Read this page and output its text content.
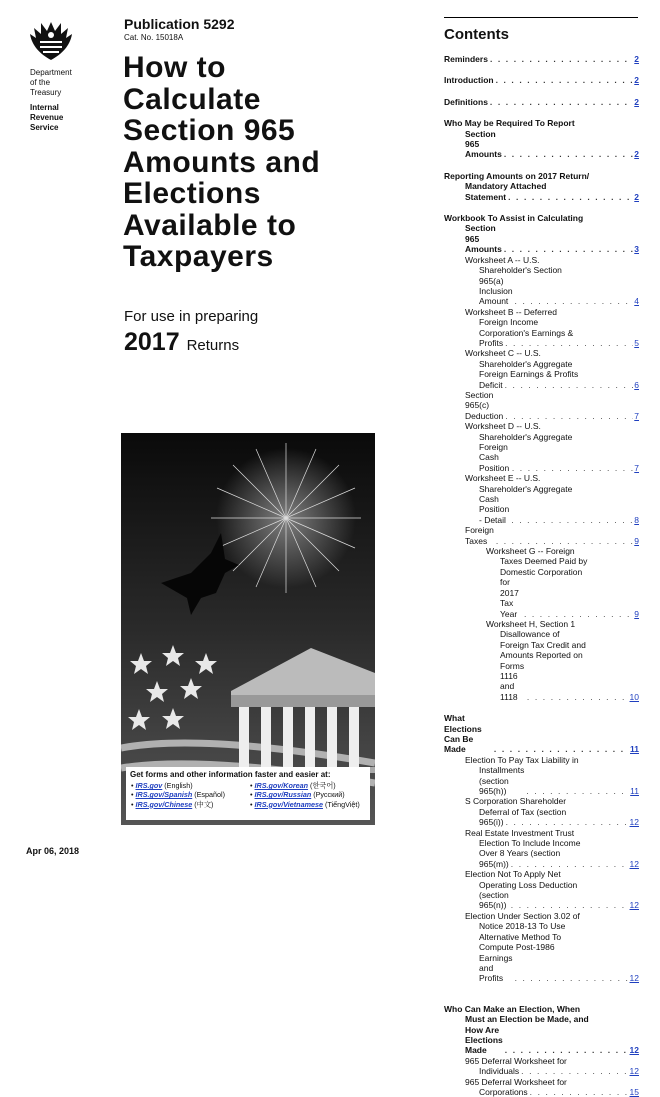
Department
of the
Treasury
Internal
Revenue
Service
Publication 5292
Cat. No. 15018A
How to
Calculate
Section 965
Amounts and
Elections
Available to
Taxpayers
For use in preparing
2017 Returns
Get forms and other information faster and easier at:
• IRS.gov (English)
• IRS.gov/Spanish (Español)
• IRS.gov/Chinese (中文)
• IRS.gov/Korean (한국어)
• IRS.gov/Russian (Pусский)
• IRS.gov/Vietnamese (TiếngViệt)
Apr 06, 2018
Contents
Reminders . . .	2
Introduction . . .	2
Definitions . . .	2
Who May be Required To Report
Section 965 Amounts . . .	2
Reporting Amounts on 2017 Return/
Mandatory Attached
Statement . . .	2
Workbook To Assist in Calculating
Section 965 Amounts . . .	3
Worksheet A -- U.S.
Shareholder's Section
965(a) Inclusion Amount . . .	4
Worksheet B -- Deferred
Foreign Income
Corporation's Earnings &
Profits . . .	5
Worksheet C -- U.S.
Shareholder's Aggregate
Foreign Earnings & Profits
Deficit . . .	6
Section 965(c) Deduction . . .	7
Worksheet D -- U.S.
Shareholder's Aggregate
Foreign Cash Position . . .	7
Worksheet E -- U.S.
Shareholder's Aggregate
Cash Position - Detail . . .	8
Foreign Taxes . . .	9
Worksheet G -- Foreign
Taxes Deemed Paid by
Domestic Corporation
for 2017 Tax Year . . .	9
Worksheet H, Section 1
Disallowance of
Foreign Tax Credit and
Amounts Reported on
Forms 1116 and 1118 . . .	10
What Elections Can Be Made . . .	11
Election To Pay Tax Liability in
Installments (section 965(h)) . . .	11
S Corporation Shareholder
Deferral of Tax (section
965(i)) . . .	12
Real Estate Investment Trust
Election To Include Income
Over 8 Years (section
965(m)) . . .	12
Election Not To Apply Net
Operating Loss Deduction
(section 965(n)) . . .	12
Election Under Section 3.02 of
Notice 2018-13 To Use
Alternative Method To
Compute Post-1986
Earnings and Profits . . .	12
Who Can Make an Election, When
Must an Election be Made, and
How Are Elections Made . . .	12
965 Deferral Worksheet for
Individuals . . .	12
965 Deferral Worksheet for
Corporations . . .	15
